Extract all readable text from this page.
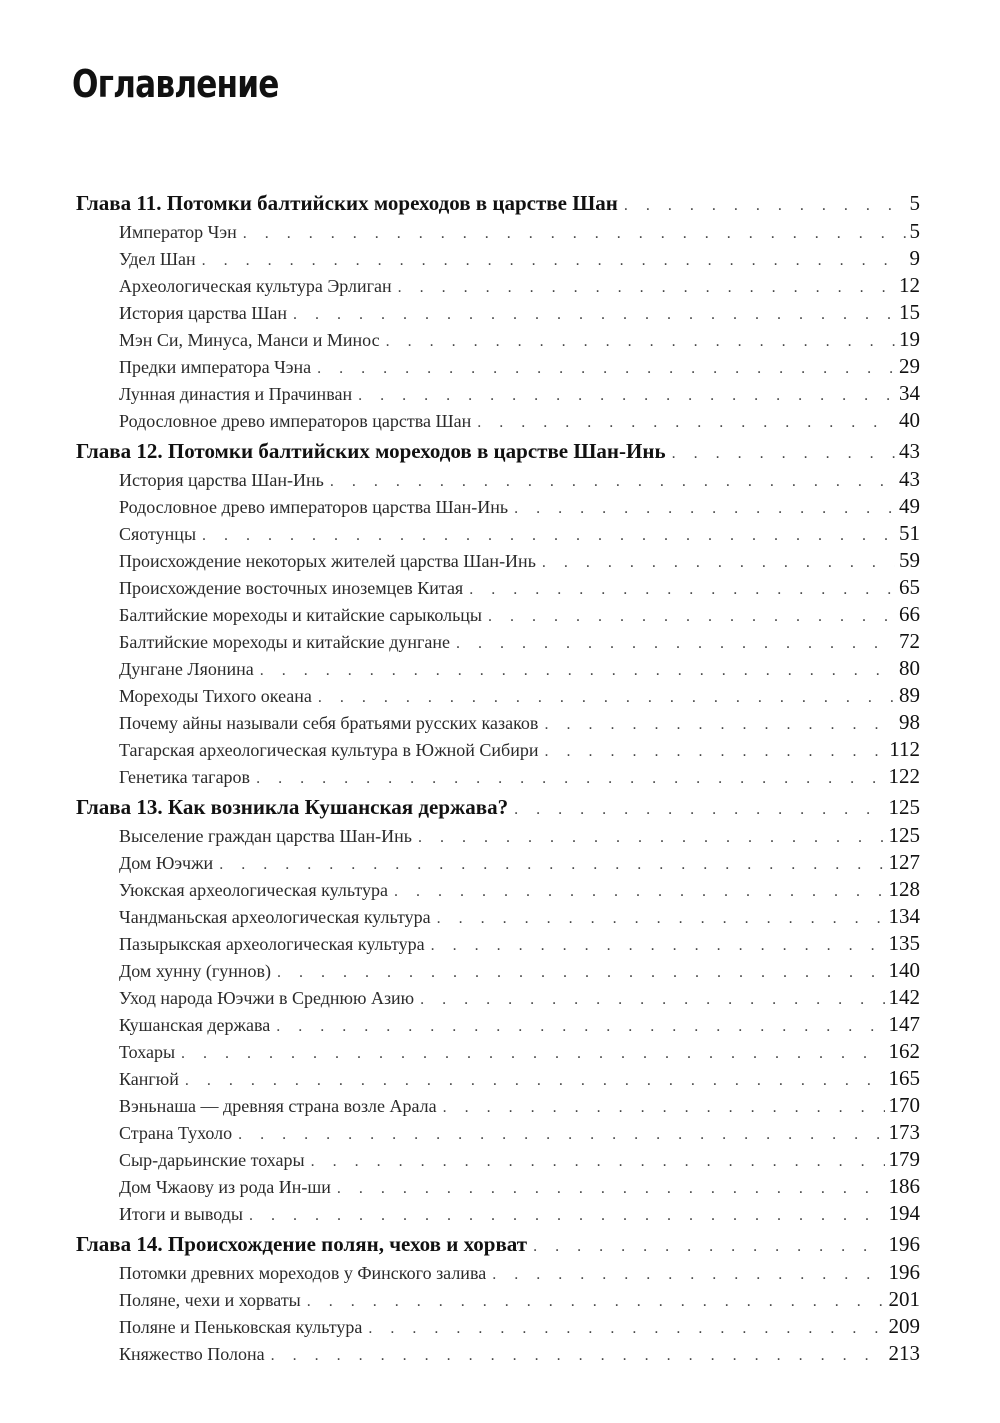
Оглавление
Глава 11. Потомки балтийских мореходов в царстве Шан . . .	5
Император Чэн . . .	5
Удел Шан . . .	9
Археологическая культура Эрлиган . . .	12
История царства Шан . . .	15
Мэн Си, Минуса, Манси и Минос . . .	19
Предки императора Чэна . . .	29
Лунная династия и Прачинван . . .	34
Родословное древо императоров царства Шан . . .	40
Глава 12. Потомки балтийских мореходов в царстве Шан-Инь . . .	43
История царства Шан-Инь . . .	43
Родословное древо императоров царства Шан-Инь . . .	49
Сяотунцы . . .	51
Происхождение некоторых жителей царства Шан-Инь . . .	59
Происхождение восточных иноземцев Китая . . .	65
Балтийские мореходы и китайские сарыкольцы . . .	66
Балтийские мореходы и китайские дунгане . . .	72
Дунгане Ляонина . . .	80
Мореходы Тихого океана . . .	89
Почему айны называли себя братьями русских казаков . . .	98
Тагарская археологическая культура в Южной Сибири . . .	112
Генетика тагаров . . .	122
Глава 13. Как возникла Кушанская держава? . . .	125
Выселение граждан царства Шан-Инь . . .	125
Дом Юэчжи . . .	127
Уюкская археологическая культура . . .	128
Чандманьская археологическая культура . . .	134
Пазырыкская археологическая культура . . .	135
Дом хунну (гуннов) . . .	140
Уход народа Юэчжи в Среднюю Азию . . .	142
Кушанская держава . . .	147
Тохары . . .	162
Кангюй . . .	165
Вэньнаша — древняя страна возле Арала . . .	170
Страна Тухоло . . .	173
Сыр-дарьинские тохары . . .	179
Дом Чжаову из рода Ин-ши . . .	186
Итоги и выводы . . .	194
Глава 14. Происхождение полян, чехов и хорват . . .	196
Потомки древних мореходов у Финского залива . . .	196
Поляне, чехи и хорваты . . .	201
Поляне и Пеньковская культура . . .	209
Княжество Полона . . .	213
